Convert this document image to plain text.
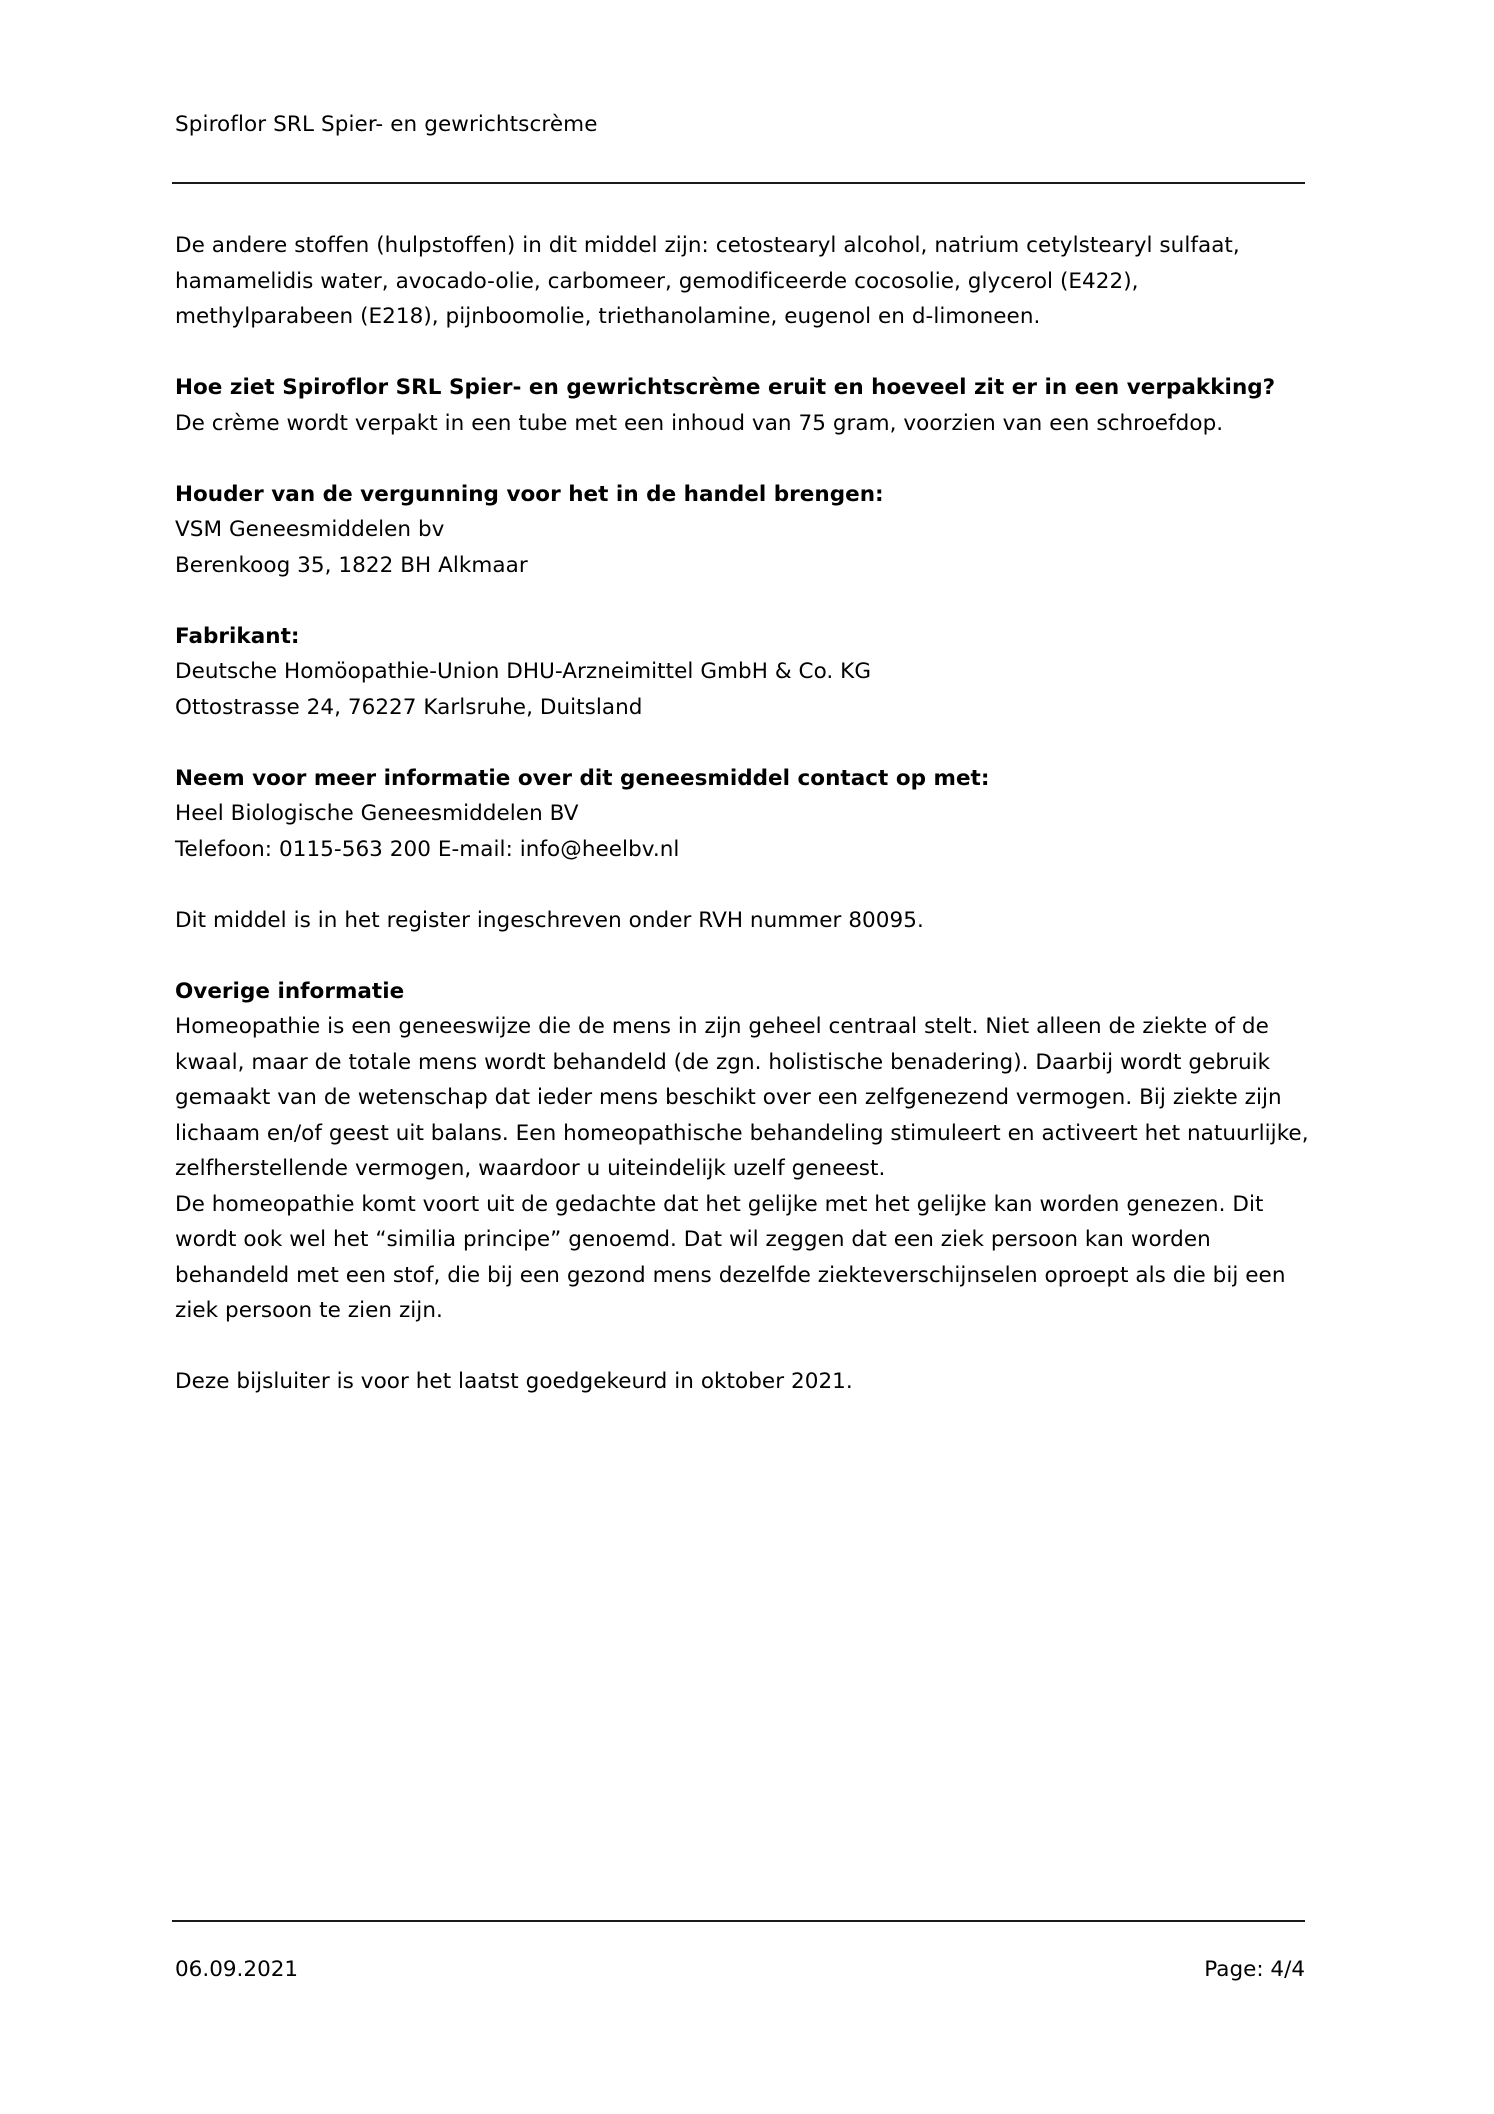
Spiroflor SRL Spier- en gewrichtscrème

De andere stoffen (hulpstoffen) in dit middel zijn: cetostearyl alcohol, natrium cetylstearyl sulfaat, hamamelidis water, avocado-olie, carbomeer, gemodificeerde cocosolie, glycerol (E422), methylparabeen (E218), pijnboomolie, triethanolamine, eugenol en d-limoneen.

Hoe ziet Spiroflor SRL Spier- en gewrichtscrème eruit en hoeveel zit er in een verpakking?

De crème wordt verpakt in een tube met een inhoud van 75 gram, voorzien van een schroefdop.

Houder van de vergunning voor het in de handel brengen:

VSM Geneesmiddelen bv

Berenkoog 35, 1822 BH Alkmaar

Fabrikant:

Deutsche Homöopathie-Union DHU-Arzneimittel GmbH & Co. KG

Ottostrasse 24, 76227 Karlsruhe, Duitsland

Neem voor meer informatie over dit geneesmiddel contact op met:

Heel Biologische Geneesmiddelen BV

Telefoon: 0115-563 200 E-mail: info@heelbv.nl

Dit middel is in het register ingeschreven onder RVH nummer 80095.

Overige informatie

Homeopathie is een geneeswijze die de mens in zijn geheel centraal stelt. Niet alleen de ziekte of de kwaal, maar de totale mens wordt behandeld (de zgn. holistische benadering). Daarbij wordt gebruik gemaakt van de wetenschap dat ieder mens beschikt over een zelfgenezend vermogen. Bij ziekte zijn lichaam en/of geest uit balans. Een homeopathische behandeling stimuleert en activeert het natuurlijke, zelfherstellende vermogen, waardoor u uiteindelijk uzelf geneest.

De homeopathie komt voort uit de gedachte dat het gelijke met het gelijke kan worden genezen. Dit wordt ook wel het “similia principe” genoemd. Dat wil zeggen dat een ziek persoon kan worden behandeld met een stof, die bij een gezond mens dezelfde ziekteverschijnselen oproept als die bij een ziek persoon te zien zijn.

Deze bijsluiter is voor het laatst goedgekeurd in oktober 2021.

06.09.2021	Page: 4/4
